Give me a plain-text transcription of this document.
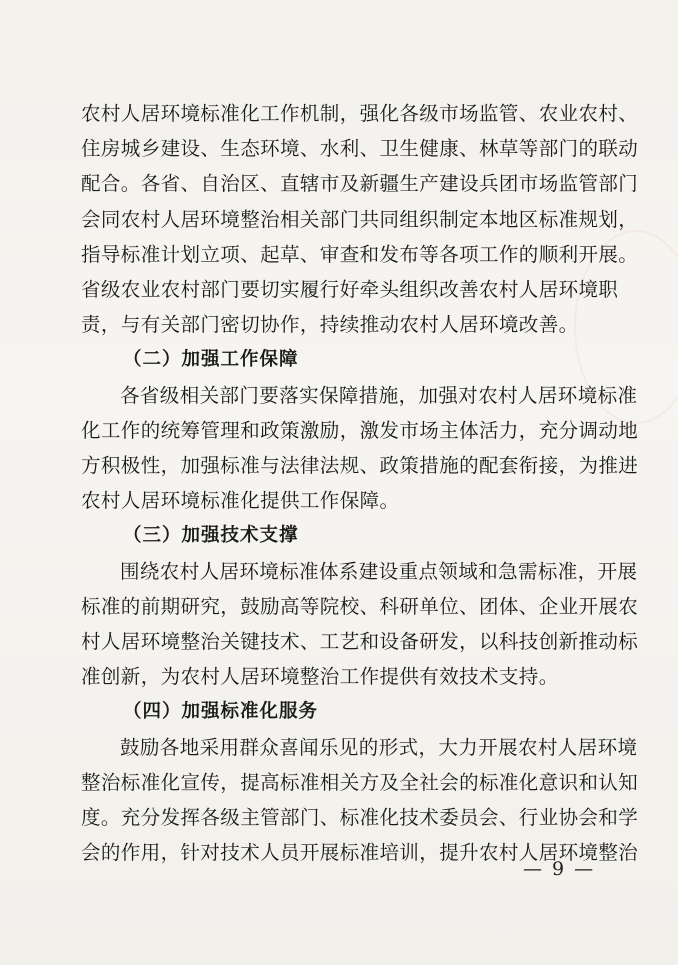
农村人居环境标准化工作机制，强化各级市场监管、农业农村、
住房城乡建设、生态环境、水利、卫生健康、林草等部门的联动
配合。各省、自治区、直辖市及新疆生产建设兵团市场监管部门
会同农村人居环境整治相关部门共同组织制定本地区标准规划，
指导标准计划立项、起草、审查和发布等各项工作的顺利开展。
省级农业农村部门要切实履行好牵头组织改善农村人居环境职
责，与有关部门密切协作，持续推动农村人居环境改善。
（二）加强工作保障
各省级相关部门要落实保障措施，加强对农村人居环境标准
化工作的统筹管理和政策激励，激发市场主体活力，充分调动地
方积极性，加强标准与法律法规、政策措施的配套衔接，为推进
农村人居环境标准化提供工作保障。
（三）加强技术支撑
围绕农村人居环境标准体系建设重点领域和急需标准，开展
标准的前期研究，鼓励高等院校、科研单位、团体、企业开展农
村人居环境整治关键技术、工艺和设备研发，以科技创新推动标
准创新，为农村人居环境整治工作提供有效技术支持。
（四）加强标准化服务
鼓励各地采用群众喜闻乐见的形式，大力开展农村人居环境
整治标准化宣传，提高标准相关方及全社会的标准化意识和认知
度。充分发挥各级主管部门、标准化技术委员会、行业协会和学
会的作用，针对技术人员开展标准培训，提升农村人居环境整治
— 9 —
